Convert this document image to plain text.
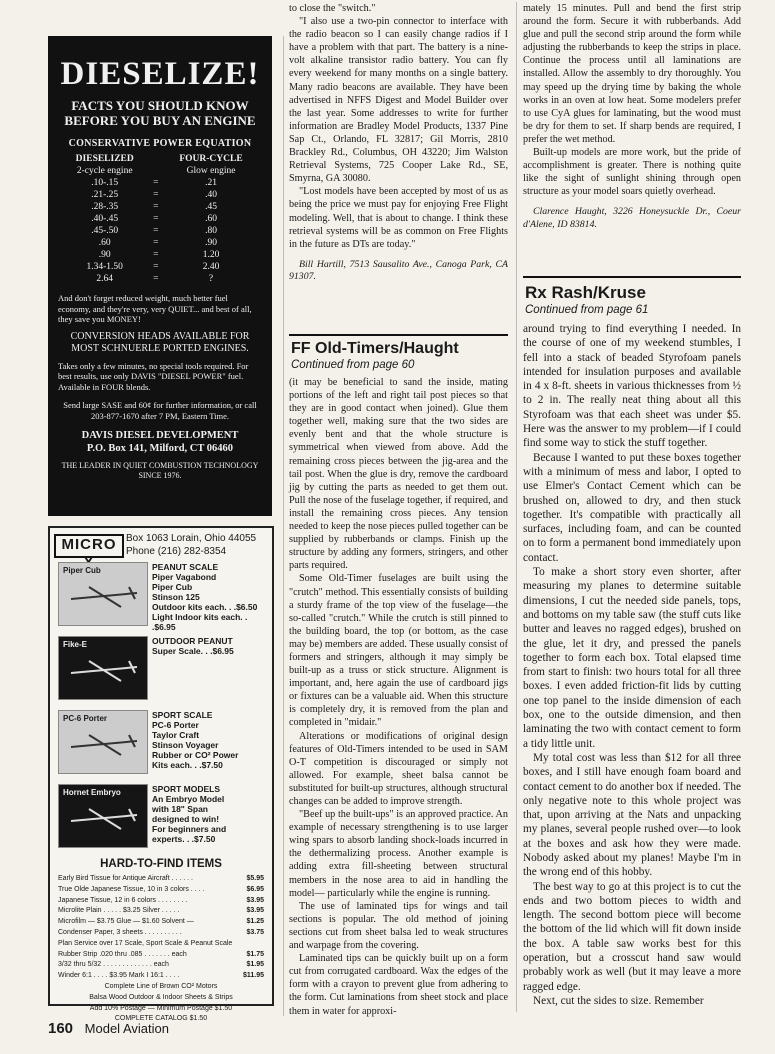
DIESELIZE!
FACTS YOU SHOULD KNOW BEFORE YOU BUY AN ENGINE
CONSERVATIVE POWER EQUATION
DIESELIZED		FOUR-CYCLE
2-cycle engine		Glow engine
.10-.15	=	.21
.21-.25	=	.40
.28-.35	=	.45
.40-.45	=	.60
.45-.50	=	.80
.60	=	.90
.90	=	1.20
1.34-1.50	=	2.40
2.64	=	?
And don't forget reduced weight, much better fuel economy, and they're very, very QUIET... and best of all, they save you MONEY!
CONVERSION HEADS AVAILABLE FOR MOST SCHNUERLE PORTED ENGINES.
Takes only a few minutes, no special tools required. For best results, use only DAVIS "DIESEL POWER" fuel. Available in FOUR blends.
Send large SASE and 60¢ for further information, or call 203-877-1670 after 7 PM, Eastern Time.
DAVIS DIESEL DEVELOPMENT
P.O. Box 141, Milford, CT 06460
THE LEADER IN QUIET COMBUSTION TECHNOLOGY SINCE 1976.
MICRO Box 1063 Lorain, Ohio 44055
Phone (216) 282-8354
Piper Cub	PEANUT SCALE
Piper Vagabond
Piper Cub
Stinson 125
Outdoor kits each. . .$6.50
Light Indoor kits each. . .$6.95
Fike-E	OUTDOOR PEANUT
Super Scale. . .$6.95
PC-6 Porter	SPORT SCALE
PC-6 Porter
Taylor Craft
Stinson Voyager
Rubber or CO² Power
Kits each. . .$7.50
Hornet Embryo	SPORT MODELS
An Embryo Model
with 18" Span
designed to win!
For beginners and
experts. . .$7.50
HARD-TO-FIND ITEMS
Early Bird Tissue for Antique Aircraft . . . . . .	$5.95
True Olde Japanese Tissue, 10 in 3 colors . . . .	$6.95
Japanese Tissue, 12 in 6 colors . . . . . . . .	$3.95
Microlite Plain . . . . . $3.25 Silver . . . . .	$3.95
Microfilm — $3.75 Glue — $1.60 Solvent —	$1.25
Condenser Paper, 3 sheets . . . . . . . . . .	$3.75
Plan Service over 17 Scale, Sport Scale & Peanut Scale
Rubber Strip .020 thru .085 . . . . . . . each	$1.75
3/32 thru 5/32 . . . . . . . . . . . . . each	$1.95
Winder 6:1 . . . . $3.95 Mark I 16:1 . . . .	$11.95
Complete Line of Brown CO² Motors
Balsa Wood Outdoor & Indoor Sheets & Strips
Add 10% Postage — Minimum Postage $1.50
COMPLETE CATALOG $1.50

to close the "switch."

"I also use a two-pin connector to interface with the radio beacon so I can easily change radios if I have a problem with that part. The battery is a nine-volt alkaline transistor radio battery. You can fly every weekend for many months on a single battery. Many radio beacons are available. They have been advertised in NFFS Digest and Model Builder over the last year. Some addresses to write for further information are Bradley Model Products, 1337 Pine Sap Ct., Orlando, FL 32817; Gil Morris, 2810 Brackley Rd., Columbus, OH 43220; Jim Walston Retrieval Systems, 725 Cooper Lake Rd., SE, Smyrna, GA 30080.

"Lost models have been accepted by most of us as being the price we must pay for enjoying Free Flight modeling. Well, that is about to change. I think these retrieval systems will be as common on Free Flights in the future as DTs are today."

Bill Hartill, 7513 Sausalito Ave., Canoga Park, CA 91307.

FF Old-Timers/Haught
Continued from page 60

(it may be beneficial to sand the inside, mating portions of the left and right tail post pieces so that they are in good contact when joined). Glue them together well, making sure that the two sides are evenly bent and that the whole structure is symmetrical when viewed from above. Add the remaining cross pieces between the jig-area and the tail post. When the glue is dry, remove the cardboard jig by cutting the parts as needed to get them out. Pull the nose of the fuselage together, if required, and install the remaining cross pieces. Any tension needed to keep the nose pieces pulled together can be supplied by rubberbands or clamps. Finish up the structure by adding any formers, stringers, and other parts required.

Some Old-Timer fuselages are built using the "crutch" method. This essentially consists of building a sturdy frame of the top view of the fuselage—the so-called "crutch." While the crutch is still pinned to the building board, the top (or bottom, as the case may be) members are added. These usually consist of formers and stringers, although it may simply be built-up as a truss or stick structure. Alignment is important, and, here again the use of cardboard jigs or fixtures can be a valuable aid. When this structure is completely dry, it is removed from the plan and completed in "midair."

Alterations or modifications of original design features of Old-Timers intended to be used in SAM O-T competition is discouraged or simply not allowed. For example, sheet balsa cannot be substituted for built-up structures, although structural changes can be added to improve strength.

"Beef up the built-ups" is an approved practice. An example of necessary strengthening is to use larger wing spars to absorb landing shock-loads incurred in the dethermalizing process. Another example is adding extra fill-sheeting between structural members in the nose area to aid in handling the model— particularly while the engine is running.

The use of laminated tips for wings and tail sections is popular. The old method of joining sections cut from sheet balsa led to weak structures and warpage from the covering.

Laminated tips can be quickly built up on a form cut from corrugated cardboard. Wax the edges of the form with a crayon to prevent glue from adhering to the form. Cut laminations from sheet stock and place them in water for approxi-

mately 15 minutes. Pull and bend the first strip around the form. Secure it with rubberbands. Add glue and pull the second strip around the form while adjusting the rubberbands to keep the strips in place. Continue the process until all laminations are installed. Allow the assembly to dry thoroughly. You may speed up the drying time by baking the whole works in an oven at low heat. Some modelers prefer to use CyA glues for laminating, but the wood must be dry for them to set. If sharp bends are required, I prefer the wet method.

Built-up models are more work, but the pride of accomplishment is greater. There is nothing quite like the sight of sunlight shining through open structure as your model soars quietly overhead.

Clarence Haught, 3226 Honeysuckle Dr., Coeur d'Alene, ID 83814.

Rx Rash/Kruse
Continued from page 61

around trying to find everything I needed. In the course of one of my weekend stumbles, I fell into a stack of beaded Styrofoam panels intended for insulation purposes and available in 4 x 8-ft. sheets in various thicknesses from ½ to 2 in. The really neat thing about all this Styrofoam was that each sheet was under $5. Here was the answer to my problem—if I could find some way to stick the stuff together.

Because I wanted to put these boxes together with a minimum of mess and labor, I opted to use Elmer's Contact Cement which can be brushed on, allowed to dry, and then stuck together. It's compatible with practically all surfaces, including foam, and can be counted on to form a permanent bond immediately upon contact.

To make a short story even shorter, after measuring my planes to determine suitable dimensions, I cut the needed side panels, tops, and bottoms on my table saw (the stuff cuts like butter and leaves no ragged edges), brushed on the glue, let it dry, and pressed the panels together to form each box. Total elapsed time from start to finish: two hours total for all three boxes. I even added friction-fit lids by cutting one top panel to the inside dimension of each box, one to the outside dimension, and then laminating the two with contact cement to form a tidy little unit.

My total cost was less than $12 for all three boxes, and I still have enough foam board and contact cement to do another box if needed. The only negative note to this whole project was that, upon arriving at the Nats and unpacking my planes, several people rushed over—to look at the boxes and ask how they were made. Nobody asked about my planes! Maybe I'm in the wrong end of this hobby.

The best way to go at this project is to cut the ends and two bottom pieces to width and length. The second bottom piece will become the bottom of the lid which will fit down inside the box. A table saw works best for this operation, but a crosscut hand saw would probably work as well (but it may leave a more ragged edge.

Next, cut the sides to size. Remember

160 Model Aviation
